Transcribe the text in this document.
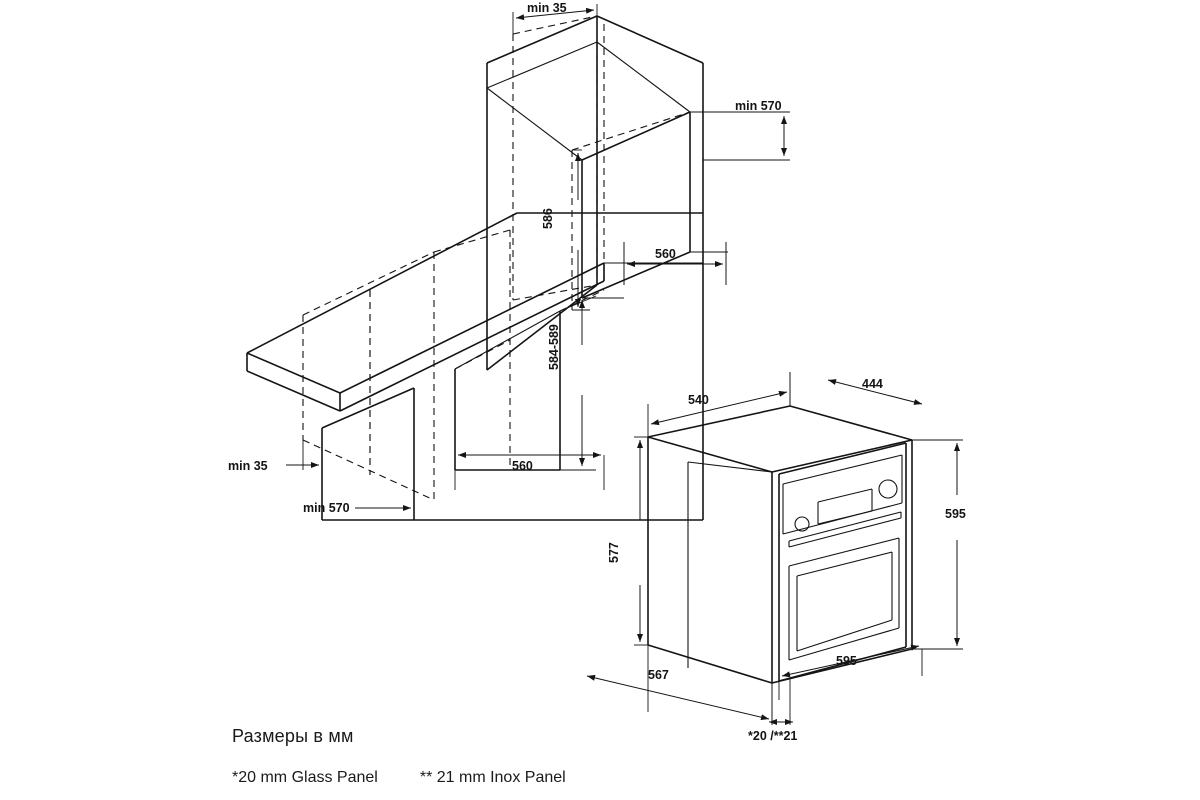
min 35
min 570
560
586
584-589
560
min 35
min 570
540
444
577
595
595
567
*20 /**21

Размеры в мм

*20 mm Glass Panel	** 21 mm Inox Panel
